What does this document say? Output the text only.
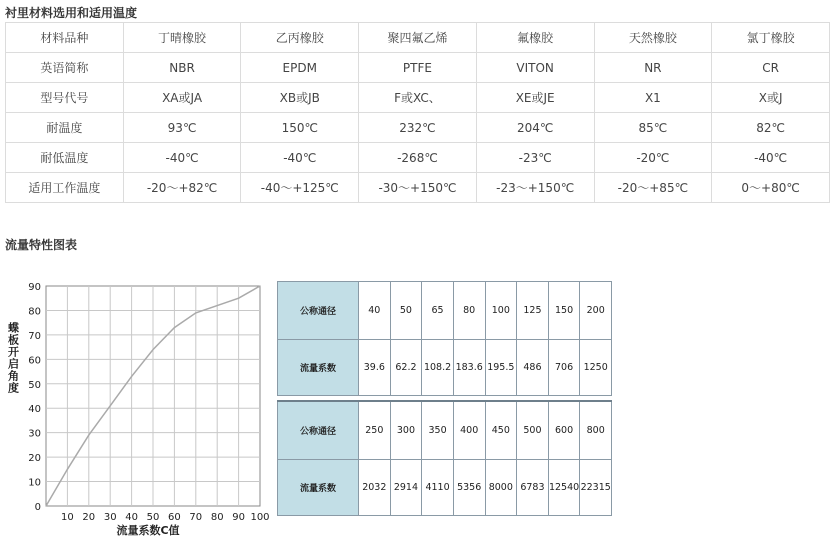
衬里材料选用和适用温度
材料品种	丁晴橡胶	乙丙橡胶	聚四氟乙烯	氟橡胶	天然橡胶	氯丁橡胶
英语简称	NBR	EPDM	PTFE	VITON	NR	CR
型号代号	XA或JA	XB或JB	F或XC、	XE或JE	X1	X或J
耐温度	93℃	150℃	232℃	204℃	85℃	82℃
耐低温度	-40℃	-40℃	-268℃	-23℃	-20℃	-40℃
适用工作温度	-20～+82℃	-40～+125℃	-30～+150℃	-23～+150℃	-20～+85℃	0～+80℃
流量特性图表
90
80
70
60
50
40
30
20
10
0
10 20 30 40 50 60 70 80 90 100
蝶板开启角度
流量系数C值
公称通径	40	50	65	80	100	125	150	200
流量系数	39.6	62.2	108.2	183.6	195.5	486	706	1250

公称通径	250	300	350	400	450	500	600	800
流量系数	2032	2914	4110	5356	8000	6783	12540	22315
